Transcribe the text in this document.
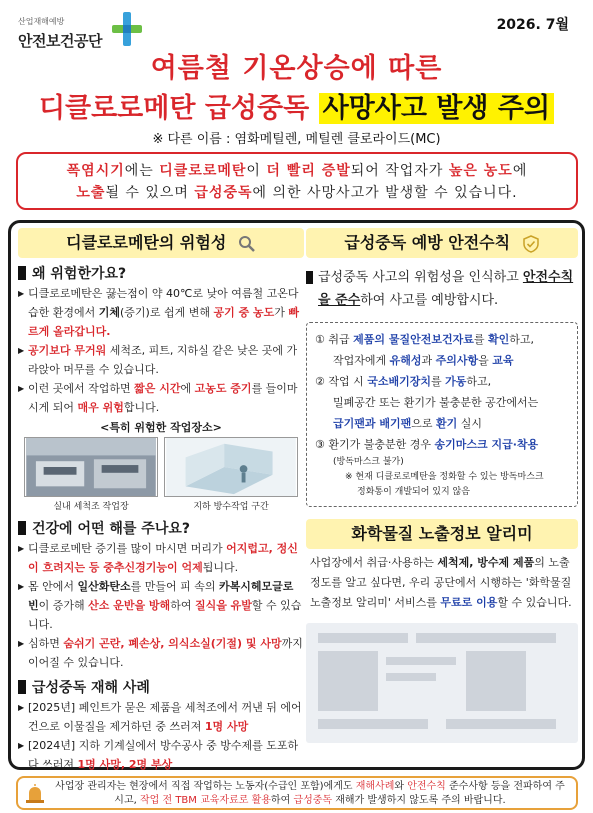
산업재해예방
안전보건공단
2026. 7월
여름철 기온상승에 따른
디클로로메탄 급성중독 사망사고 발생 주의
※ 다른 이름 : 염화메틸렌, 메틸렌 클로라이드(MC)
폭염시기에는 디클로로메탄이 더 빨리 증발되어 작업자가 높은 농도에
노출될 수 있으며 급성중독에 의한 사망사고가 발생할 수 있습니다.
디클로로메탄의 위험성
왜 위험한가요?
▶ 디클로로메탄은 끓는점이 약 40℃로 낮아 여름철 고온다습한 환경에서 기체(증기)로 쉽게 변해 공기 중 농도가 빠르게 올라갑니다.
▶ 공기보다 무거워 세척조, 피트, 지하실 같은 낮은 곳에 가라앉아 머무를 수 있습니다.
▶ 이런 곳에서 작업하면 짧은 시간에 고농도 증기를 들이마시게 되어 매우 위험합니다.
<특히 위험한 작업장소>
실내 세척조 작업장	지하 방수작업 구간
건강에 어떤 해를 주나요?
▶ 디클로로메탄 증기를 많이 마시면 머리가 어지럽고, 정신이 흐려지는 등 중추신경기능이 억제됩니다.
▶ 몸 안에서 일산화탄소를 만들어 피 속의 카복시헤모글로빈이 증가해 산소 운반을 방해하여 질식을 유발할 수 있습니다.
▶ 심하면 숨쉬기 곤란, 폐손상, 의식소실(기절) 및 사망까지 이어질 수 있습니다.
급성중독 재해 사례
▶ [2025년] 페인트가 묻은 제품을 세척조에서 꺼낸 뒤 에어건으로 이물질을 제거하던 중 쓰러져 1명 사망
▶ [2024년] 지하 기계실에서 방수공사 중 방수제를 도포하다 쓰러져 1명 사망, 2명 부상
급성중독 예방 안전수칙
급성중독 사고의 위험성을 인식하고 안전수칙을 준수하여 사고를 예방합시다.
① 취급 제품의 물질안전보건자료를 확인하고,
작업자에게 유해성과 주의사항을 교육
② 작업 시 국소배기장치를 가동하고,
밀폐공간 또는 환기가 불충분한 공간에서는
급기팬과 배기팬으로 환기 실시
③ 환기가 불충분한 경우 송기마스크 지급·착용
(방독마스크 불가)
※ 현재 디클로로메탄을 정화할 수 있는 방독마스크
정화통이 개발되어 있지 않음
화학물질 노출정보 알리미
사업장에서 취급·사용하는 세척제, 방수제 제품의 노출 정도를 알고 싶다면, 우리 공단에서 시행하는 '화학물질 노출정보 알리미' 서비스를 무료로 이용할 수 있습니다.
사업장 관리자는 현장에서 직접 작업하는 노동자(수급인 포함)에게도 재해사례와 안전수칙 준수사항 등을 전파하여 주시고, 작업 전 TBM 교육자료로 활용하여 급성중독 재해가 발생하지 않도록 주의 바랍니다.
